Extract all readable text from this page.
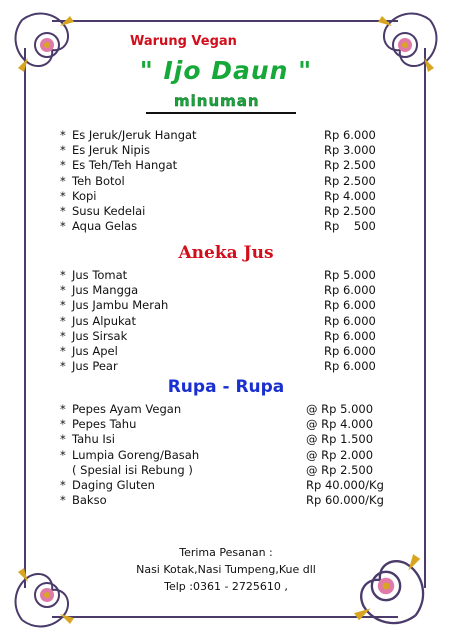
Warung Vegan
" Ijo Daun "
minuman
* Es Jeruk/Jeruk Hangat	Rp 6.000
* Es Jeruk Nipis	Rp 3.000
* Es Teh/Teh Hangat	Rp 2.500
* Teh Botol	Rp 2.500
* Kopi	Rp 4.000
* Susu Kedelai	Rp 2.500
* Aqua Gelas	Rp    500
Aneka Jus
* Jus Tomat	Rp 5.000
* Jus Mangga	Rp 6.000
* Jus Jambu Merah	Rp 6.000
* Jus Alpukat	Rp 6.000
* Jus Sirsak	Rp 6.000
* Jus Apel	Rp 6.000
* Jus Pear	Rp 6.000
Rupa - Rupa
* Pepes Ayam Vegan	@ Rp 5.000
* Pepes Tahu	@ Rp 4.000
* Tahu Isi	@ Rp 1.500
* Lumpia Goreng/Basah	@ Rp 2.000
( Spesial isi Rebung )	@ Rp 2.500
* Daging Gluten	Rp 40.000/Kg
* Bakso	Rp 60.000/Kg
Terima Pesanan :
Nasi Kotak,Nasi Tumpeng,Kue dll
Telp :0361 - 2725610 ,
